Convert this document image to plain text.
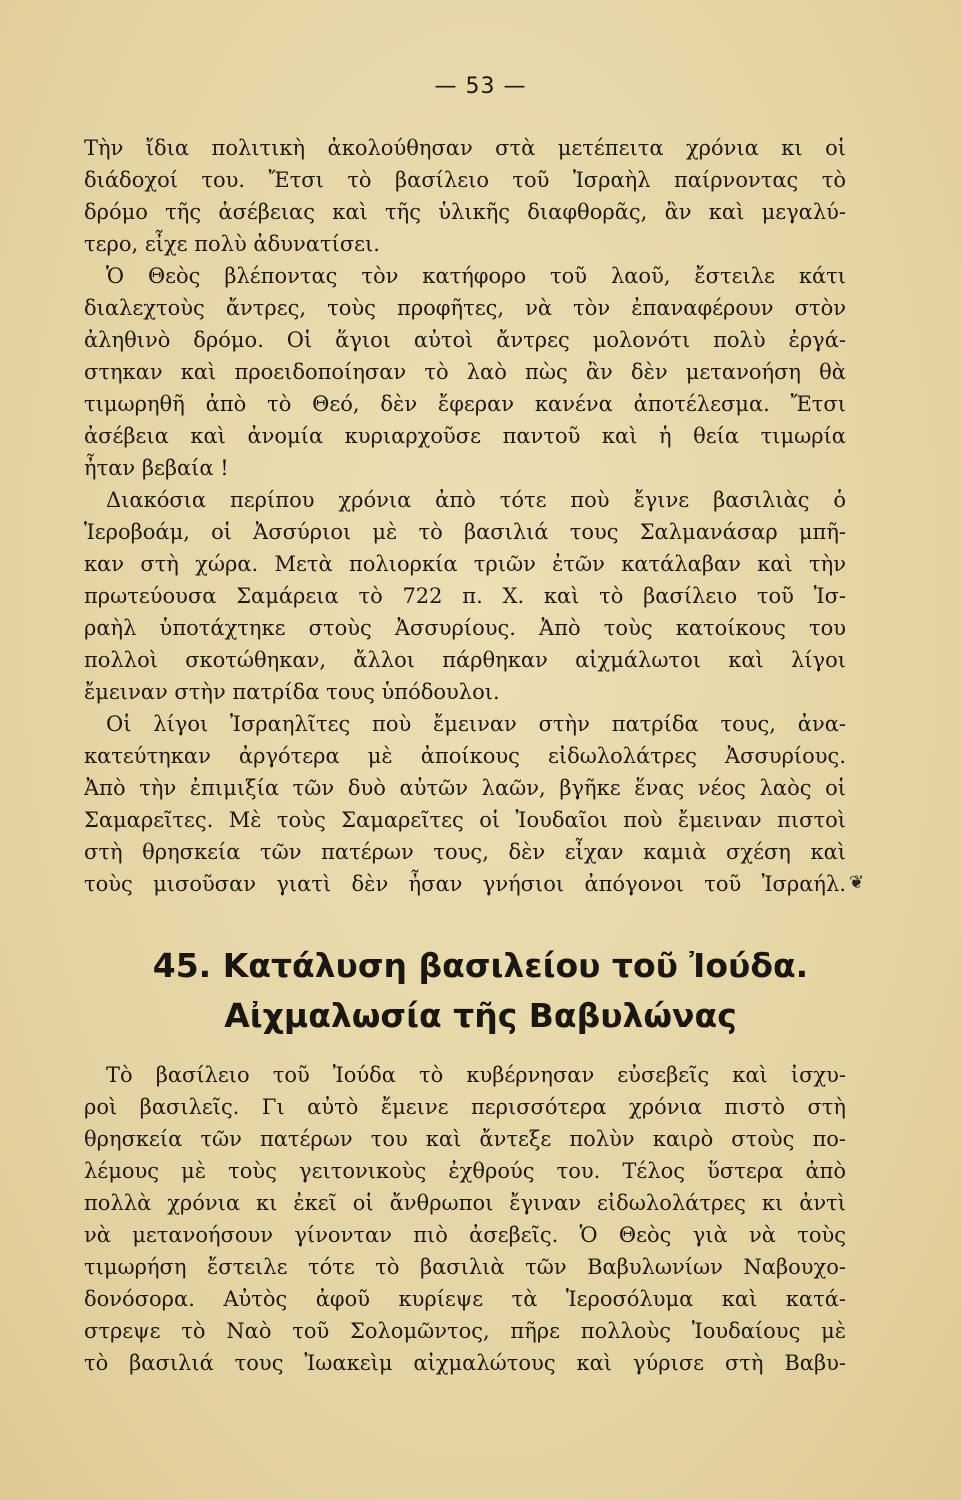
— 53 —
Τὴν ἴδια πολιτικὴ ἀκολούθησαν στὰ μετέπειτα χρόνια κι οἱ
διάδοχοί του. Ἔτσι τὸ βασίλειο τοῦ Ἰσραὴλ παίρνοντας τὸ
δρόμο τῆς ἀσέβειας καὶ τῆς ὑλικῆς διαφθορᾶς, ἂν καὶ μεγαλύ-
τερο, εἶχε πολὺ ἀδυνατίσει.
Ὁ Θεὸς βλέποντας τὸν κατήφορο τοῦ λαοῦ, ἔστειλε κάτι
διαλεχτοὺς ἄντρες, τοὺς προφῆτες, νὰ τὸν ἐπαναφέρουν στὸν
ἀληθινὸ δρόμο. Οἱ ἅγιοι αὐτοὶ ἄντρες μολονότι πολὺ ἐργά-
στηκαν καὶ προειδοποίησαν τὸ λαὸ πὼς ἂν δὲν μετανοήση θὰ
τιμωρηθῆ ἀπὸ τὸ Θεό, δὲν ἔφεραν κανένα ἀποτέλεσμα. Ἔτσι
ἀσέβεια καὶ ἀνομία κυριαρχοῦσε παντοῦ καὶ ἡ θεία τιμωρία
ἦταν βεβαία !
Διακόσια περίπου χρόνια ἀπὸ τότε ποὺ ἔγινε βασιλιὰς ὁ
Ἱεροβοάμ, οἱ Ἀσσύριοι μὲ τὸ βασιλιά τους Σαλμανάσαρ μπῆ-
καν στὴ χώρα. Μετὰ πολιορκία τριῶν ἐτῶν κατάλαβαν καὶ τὴν
πρωτεύουσα Σαμάρεια τὸ 722 π. Χ. καὶ τὸ βασίλειο τοῦ Ἰσ-
ραὴλ ὑποτάχτηκε στοὺς Ἀσσυρίους. Ἀπὸ τοὺς κατοίκους του
πολλοὶ σκοτώθηκαν, ἄλλοι πάρθηκαν αἰχμάλωτοι καὶ λίγοι
ἔμειναν στὴν πατρίδα τους ὑπόδουλοι.
Οἱ λίγοι Ἰσραηλῖτες ποὺ ἔμειναν στὴν πατρίδα τους, ἀνα-
κατεύτηκαν ἀργότερα μὲ ἀποίκους εἰδωλολάτρες Ἀσσυρίους.
Ἀπὸ τὴν ἐπιμιξία τῶν δυὸ αὐτῶν λαῶν, βγῆκε ἕνας νέος λαὸς οἱ
Σαμαρεῖτες. Μὲ τοὺς Σαμαρεῖτες οἱ Ἰουδαῖοι ποὺ ἔμειναν πιστοὶ
στὴ θρησκεία τῶν πατέρων τους, δὲν εἶχαν καμιὰ σχέση καὶ
τοὺς μισοῦσαν γιατὶ δὲν ἦσαν γνήσιοι ἀπόγονοι τοῦ Ἰσραήλ. ❦
45. Κατάλυση βασιλείου τοῦ Ἰούδα.
Αἰχμαλωσία τῆς Βαβυλώνας
Τὸ βασίλειο τοῦ Ἰούδα τὸ κυβέρνησαν εὐσεβεῖς καὶ ἰσχυ-
ροὶ βασιλεῖς. Γι αὐτὸ ἔμεινε περισσότερα χρόνια πιστὸ στὴ
θρησκεία τῶν πατέρων του καὶ ἄντεξε πολὺν καιρὸ στοὺς πο-
λέμους μὲ τοὺς γειτονικοὺς ἐχθρούς του. Τέλος ὕστερα ἀπὸ
πολλὰ χρόνια κι ἐκεῖ οἱ ἄνθρωποι ἔγιναν εἰδωλολάτρες κι ἀντὶ
νὰ μετανοήσουν γίνονταν πιὸ ἀσεβεῖς. Ὁ Θεὸς γιὰ νὰ τοὺς
τιμωρήση ἔστειλε τότε τὸ βασιλιὰ τῶν Βαβυλωνίων Ναβουχο-
δονόσορα. Αὐτὸς ἀφοῦ κυρίεψε τὰ Ἱεροσόλυμα καὶ κατά-
στρεψε τὸ Ναὸ τοῦ Σολομῶντος, πῆρε πολλοὺς Ἰουδαίους μὲ
τὸ βασιλιά τους Ἰωακεὶμ αἰχμαλώτους καὶ γύρισε στὴ Βαβυ-
